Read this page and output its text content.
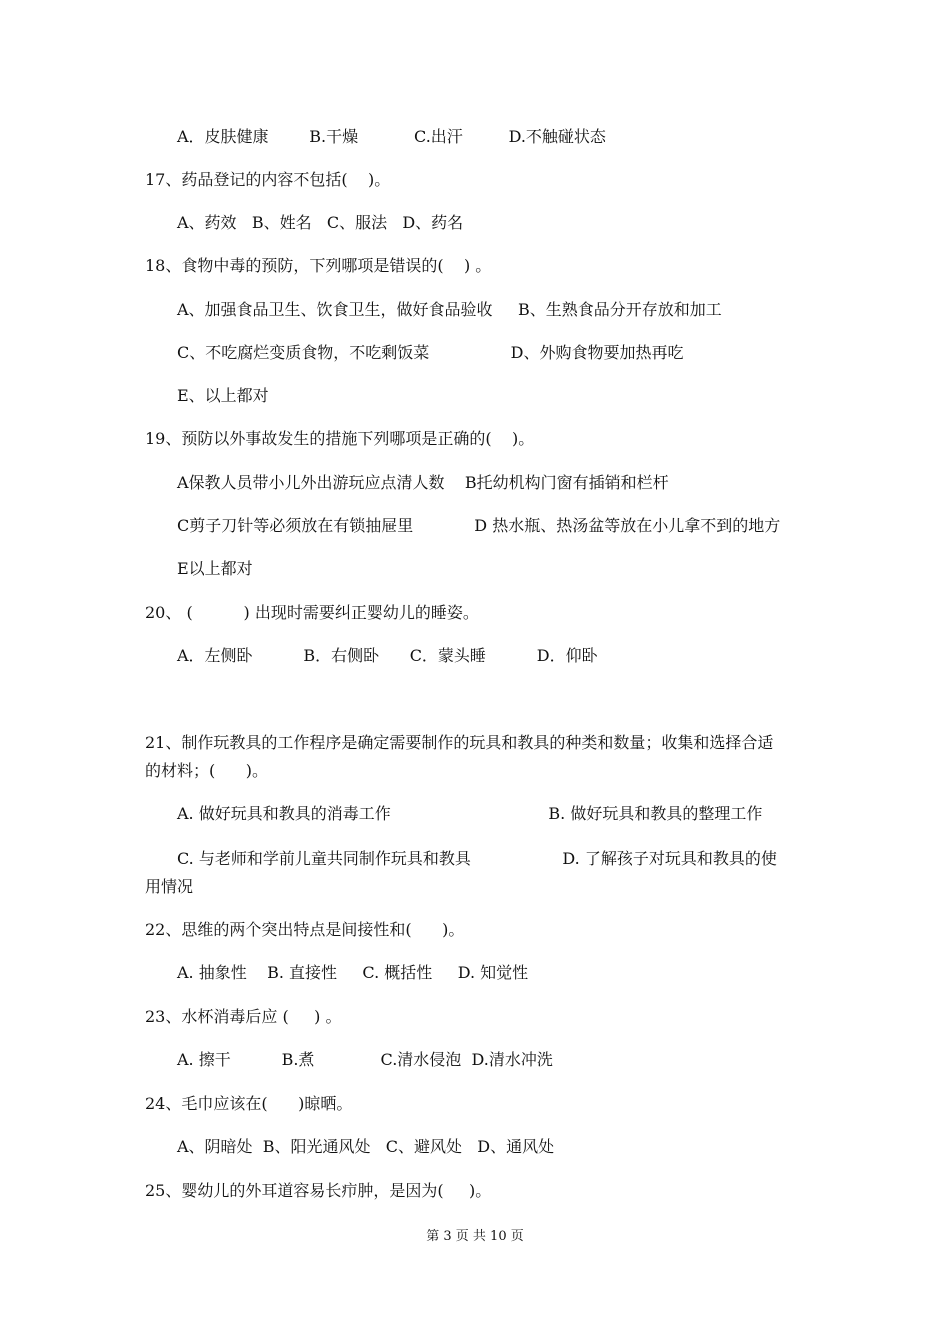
A．皮肤健康        B.干燥           C.出汗         D.不触碰状态
17、药品登记的内容不包括(    )。
A、药效   B、姓名   C、服法   D、药名
18、食物中毒的预防，下列哪项是错误的(    ) 。
A、加强食品卫生、饮食卫生，做好食品验收     B、生熟食品分开存放和加工
C、不吃腐烂变质食物，不吃剩饭菜                D、外购食物要加热再吃
E、以上都对
19、预防以外事故发生的措施下列哪项是正确的(    )。
A保教人员带小儿外出游玩应点清人数    B托幼机构门窗有插销和栏杆
C剪子刀针等必须放在有锁抽屉里            D 热水瓶、热汤盆等放在小儿拿不到的地方
E以上都对
20、 (          ) 出现时需要纠正婴幼儿的睡姿。
A．左侧卧          B．右侧卧      C．蒙头睡          D．仰卧
21、制作玩教具的工作程序是确定需要制作的玩具和教具的种类和数量；收集和选择合适
的材料；(      )。
A. 做好玩具和教具的消毒工作                               B. 做好玩具和教具的整理工作
C. 与老师和学前儿童共同制作玩具和教具                  D. 了解孩子对玩具和教具的使
用情况
22、思维的两个突出特点是间接性和(      )。
A. 抽象性    B. 直接性     C. 概括性     D. 知觉性
23、水杯消毒后应 (     ) 。
A. 擦干          B.煮             C.清水侵泡  D.清水冲洗
24、毛巾应该在(      )晾晒。
A、阴暗处  B、阳光通风处   C、避风处   D、通风处
25、婴幼儿的外耳道容易长疖肿，是因为(     )。
第 3 页 共 10 页
